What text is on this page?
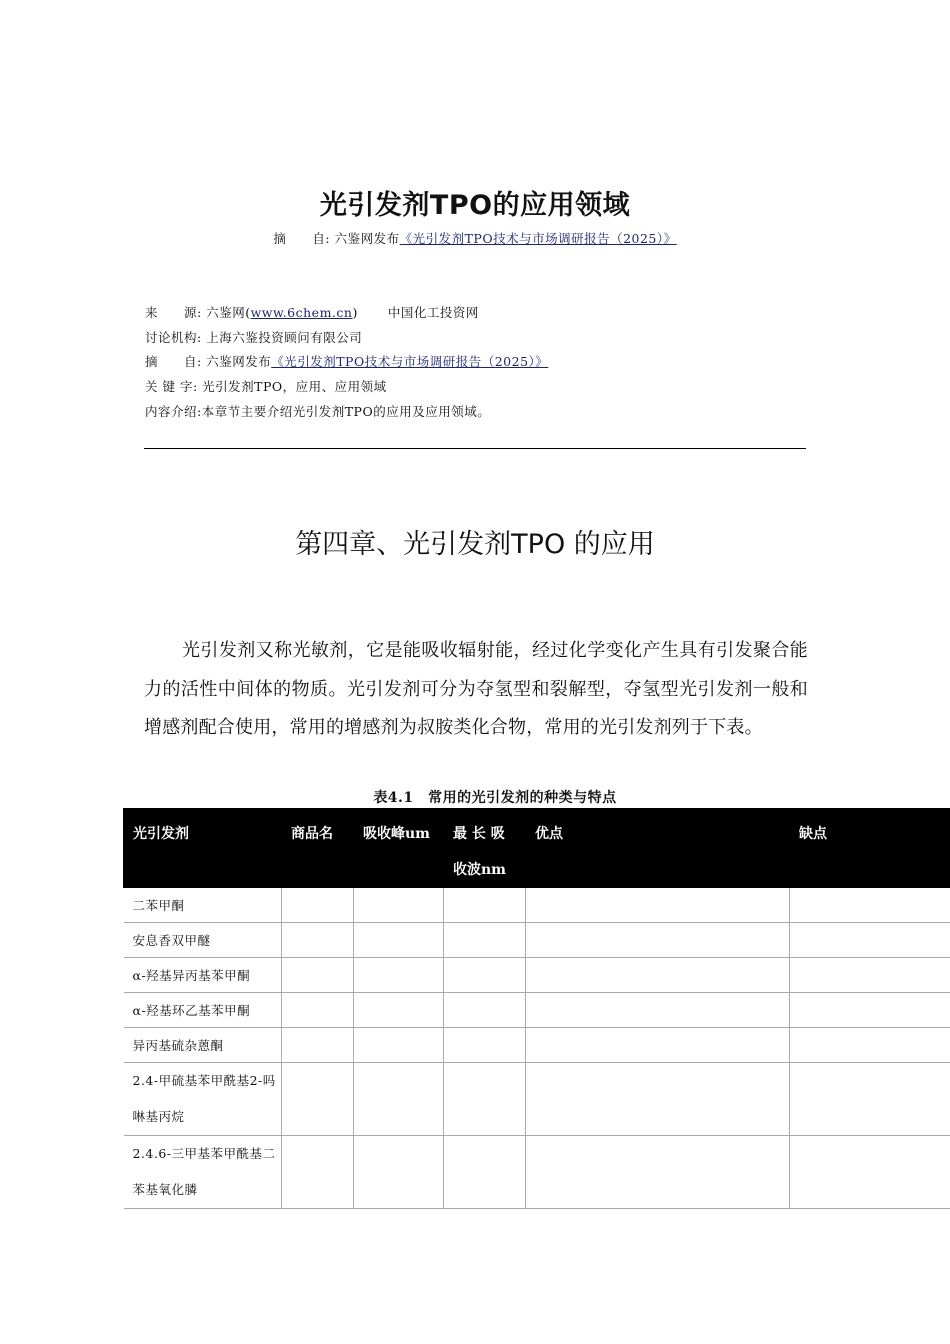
光引发剂TPO的应用领域
摘　　自: 六鉴网发布《光引发剂TPO技术与市场调研报告（2025）》
来　　源: 六鉴网(www.6chem.cn) 中国化工投资网
讨论机构: 上海六鉴投资顾问有限公司
摘　　自: 六鉴网发布《光引发剂TPO技术与市场调研报告（2025）》
关 键 字: 光引发剂TPO，应用、应用领域
内容介绍:本章节主要介绍光引发剂TPO的应用及应用领域。
第四章、光引发剂TPO 的应用
光引发剂又称光敏剂，它是能吸收辐射能，经过化学变化产生具有引发聚合能力的活性中间体的物质。光引发剂可分为夺氢型和裂解型，夺氢型光引发剂一般和增感剂配合使用，常用的增感剂为叔胺类化合物，常用的光引发剂列于下表。
表4.1　常用的光引发剂的种类与特点
光引发剂	商品名	吸收峰um	最 长 吸收波nm	优点	缺点
二苯甲酮					
安息香双甲醚					
α-羟基异丙基苯甲酮					
α-羟基环乙基苯甲酮					
异丙基硫杂蒽酮					
2.4-甲硫基苯甲酰基2-吗啉基丙烷					
2.4.6-三甲基苯甲酰基二苯基氧化膦					
